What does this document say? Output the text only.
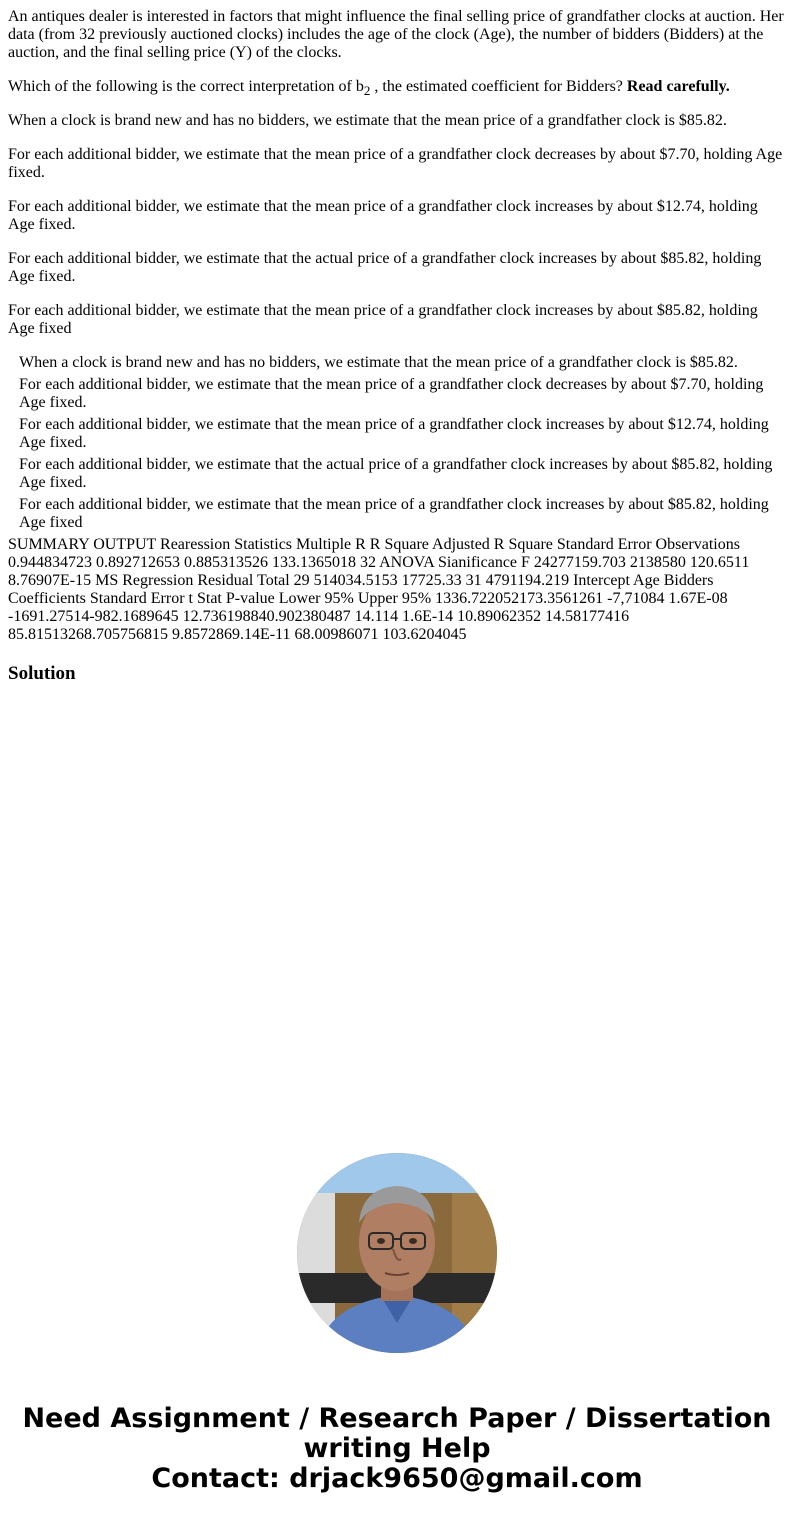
An antiques dealer is interested in factors that might influence the final selling price of grandfather clocks at auction. Her data (from 32 previously auctioned clocks) includes the age of the clock (Age), the number of bidders (Bidders) at the auction, and the final selling price (Y) of the clocks.

Which of the following is the correct interpretation of $b_2$ , the estimated coefficient for Bidders? Read carefully.

When a clock is brand new and has no bidders, we estimate that the mean price of a grandfather clock is $85.82.

For each additional bidder, we estimate that the mean price of a grandfather clock decreases by about $7.70, holding Age fixed.

For each additional bidder, we estimate that the mean price of a grandfather clock increases by about $12.74, holding Age fixed.

For each additional bidder, we estimate that the actual price of a grandfather clock increases by about $85.82, holding Age fixed.

For each additional bidder, we estimate that the mean price of a grandfather clock increases by about $85.82, holding Age fixed

When a clock is brand new and has no bidders, we estimate that the mean price of a grandfather clock is $85.82.
For each additional bidder, we estimate that the mean price of a grandfather clock decreases by about $7.70, holding Age fixed.
For each additional bidder, we estimate that the mean price of a grandfather clock increases by about $12.74, holding Age fixed.
For each additional bidder, we estimate that the actual price of a grandfather clock increases by about $85.82, holding Age fixed.
For each additional bidder, we estimate that the mean price of a grandfather clock increases by about $85.82, holding Age fixed

SUMMARY OUTPUT Rearession Statistics Multiple R R Square Adjusted R Square Standard Error Observations 0.944834723 0.892712653 0.885313526 133.1365018 32 ANOVA Sianificance F 24277159.703 2138580 120.6511 8.76907E-15 MS Regression Residual Total 29 514034.5153 17725.33 31 4791194.219 Intercept Age Bidders Coefficients Standard Error t Stat P-value Lower 95% Upper 95% 1336.722052173.3561261 -7,71084 1.67E-08 -1691.27514-982.1689645 12.736198840.902380487 14.114 1.6E-14 10.89062352 14.58177416 85.81513268.705756815 9.8572869.14E-11 68.00986071 103.6204045

Solution
Need Assignment / Research Paper / Dissertation
writing Help
Contact: drjack9650@gmail.com
